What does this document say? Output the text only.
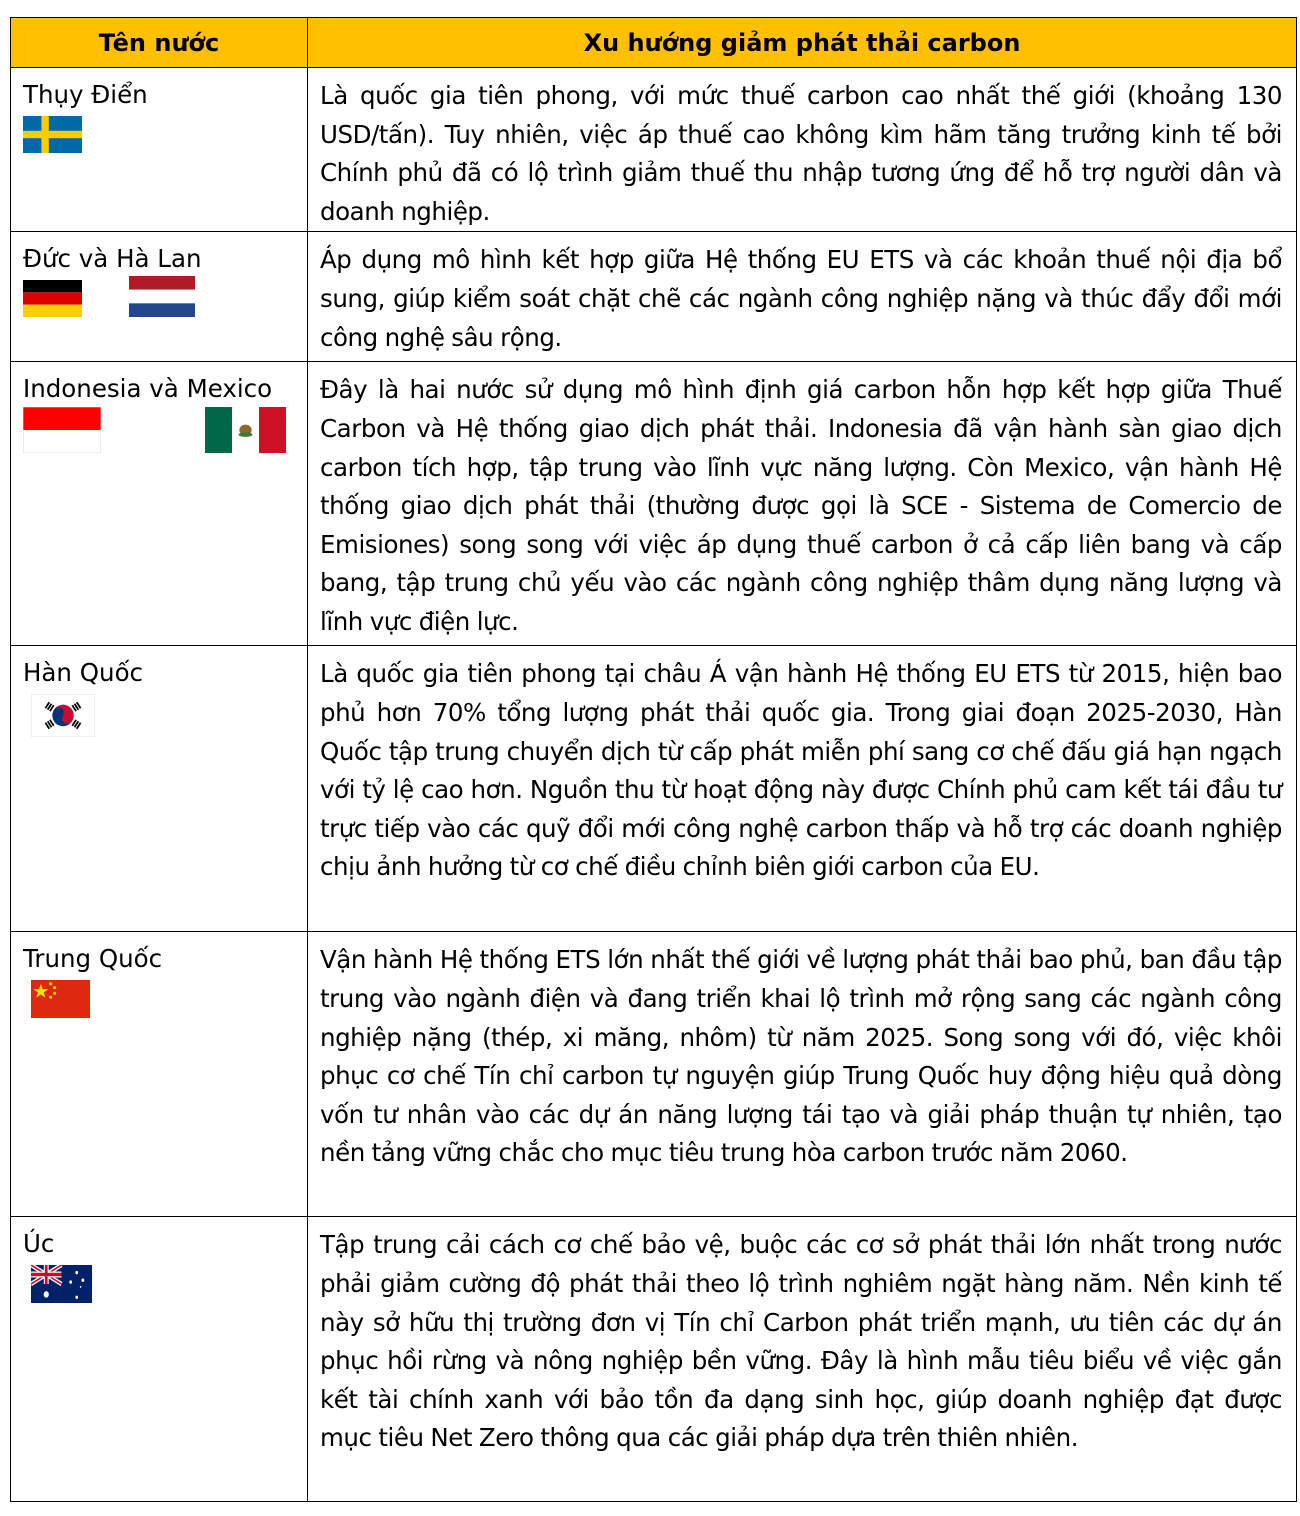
Tên nước	Xu hướng giảm phát thải carbon

Thụy Điển	Là quốc gia tiên phong, với mức thuế carbon cao nhất thế giới (khoảng 130 USD/tấn). Tuy nhiên, việc áp thuế cao không kìm hãm tăng trưởng kinh tế bởi Chính phủ đã có lộ trình giảm thuế thu nhập tương ứng để hỗ trợ người dân và doanh nghiệp.

Đức và Hà Lan	Áp dụng mô hình kết hợp giữa Hệ thống EU ETS và các khoản thuế nội địa bổ sung, giúp kiểm soát chặt chẽ các ngành công nghiệp nặng và thúc đẩy đổi mới công nghệ sâu rộng.

Indonesia và Mexico	Đây là hai nước sử dụng mô hình định giá carbon hỗn hợp kết hợp giữa Thuế Carbon và Hệ thống giao dịch phát thải. Indonesia đã vận hành sàn giao dịch carbon tích hợp, tập trung vào lĩnh vực năng lượng. Còn Mexico, vận hành Hệ thống giao dịch phát thải (thường được gọi là SCE - Sistema de Comercio de Emisiones) song song với việc áp dụng thuế carbon ở cả cấp liên bang và cấp bang, tập trung chủ yếu vào các ngành công nghiệp thâm dụng năng lượng và lĩnh vực điện lực.

Hàn Quốc	Là quốc gia tiên phong tại châu Á vận hành Hệ thống EU ETS từ 2015, hiện bao phủ hơn 70% tổng lượng phát thải quốc gia. Trong giai đoạn 2025-2030, Hàn Quốc tập trung chuyển dịch từ cấp phát miễn phí sang cơ chế đấu giá hạn ngạch với tỷ lệ cao hơn. Nguồn thu từ hoạt động này được Chính phủ cam kết tái đầu tư trực tiếp vào các quỹ đổi mới công nghệ carbon thấp và hỗ trợ các doanh nghiệp chịu ảnh hưởng từ cơ chế điều chỉnh biên giới carbon của EU.

Trung Quốc	Vận hành Hệ thống ETS lớn nhất thế giới về lượng phát thải bao phủ, ban đầu tập trung vào ngành điện và đang triển khai lộ trình mở rộng sang các ngành công nghiệp nặng (thép, xi măng, nhôm) từ năm 2025. Song song với đó, việc khôi phục cơ chế Tín chỉ carbon tự nguyện giúp Trung Quốc huy động hiệu quả dòng vốn tư nhân vào các dự án năng lượng tái tạo và giải pháp thuận tự nhiên, tạo nền tảng vững chắc cho mục tiêu trung hòa carbon trước năm 2060.

Úc	Tập trung cải cách cơ chế bảo vệ, buộc các cơ sở phát thải lớn nhất trong nước phải giảm cường độ phát thải theo lộ trình nghiêm ngặt hàng năm. Nền kinh tế này sở hữu thị trường đơn vị Tín chỉ Carbon phát triển mạnh, ưu tiên các dự án phục hồi rừng và nông nghiệp bền vững. Đây là hình mẫu tiêu biểu về việc gắn kết tài chính xanh với bảo tồn đa dạng sinh học, giúp doanh nghiệp đạt được mục tiêu Net Zero thông qua các giải pháp dựa trên thiên nhiên.
